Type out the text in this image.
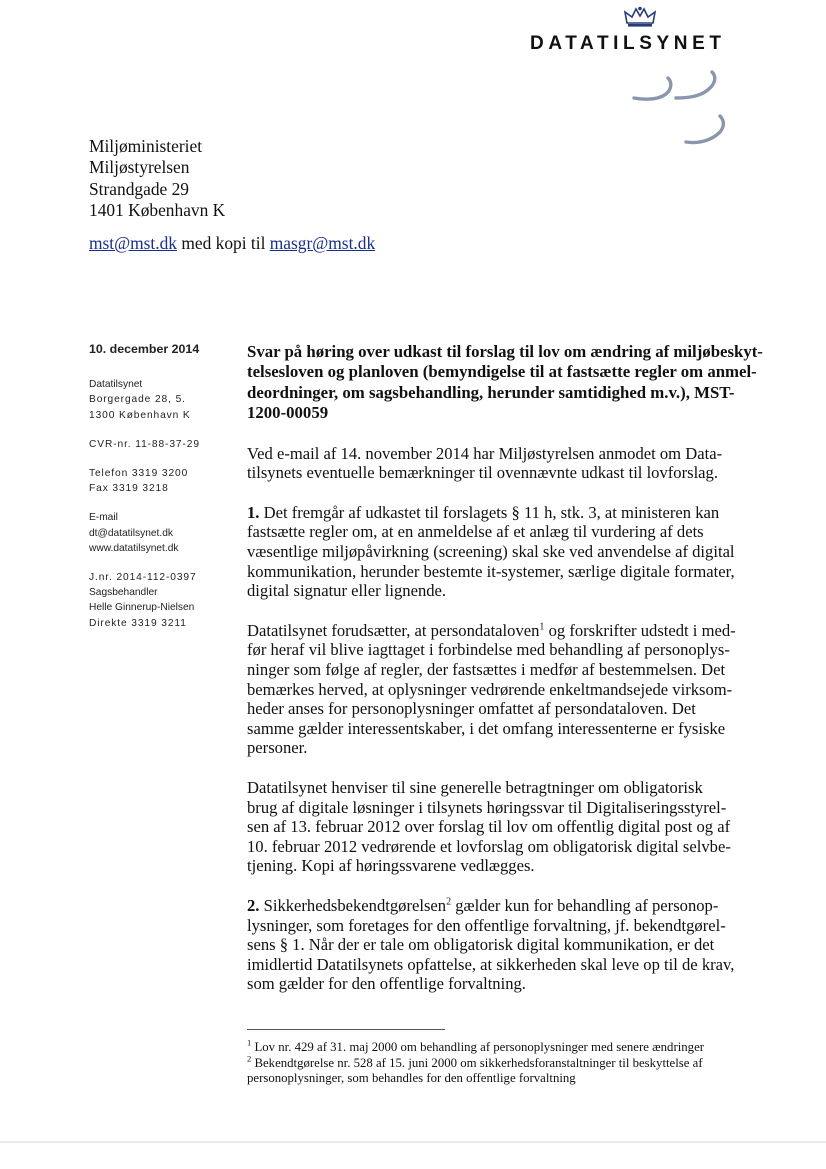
DATATILSYNET
Miljøministeriet
Miljøstyrelsen
Strandgade 29
1401 København K
mst@mst.dk med kopi til masgr@mst.dk
10. december 2014
Datatilsynet
Borgergade 28, 5.
1300 København K
CVR-nr. 11-88-37-29
Telefon 3319 3200
Fax 3319 3218
E-mail
dt@datatilsynet.dk
www.datatilsynet.dk
J.nr. 2014-112-0397
Sagsbehandler
Helle Ginnerup-Nielsen
Direkte 3319 3211
Svar på høring over udkast til forslag til lov om ændring af miljøbeskyt-
telsesloven og planloven (bemyndigelse til at fastsætte regler om anmel-
deordninger, om sagsbehandling, herunder samtidighed m.v.), MST-
1200-00059

Ved e-mail af 14. november 2014 har Miljøstyrelsen anmodet om Data-
tilsynets eventuelle bemærkninger til ovennævnte udkast til lovforslag.

1. Det fremgår af udkastet til forslagets § 11 h, stk. 3, at ministeren kan
fastsætte regler om, at en anmeldelse af et anlæg til vurdering af dets
væsentlige miljøpåvirkning (screening) skal ske ved anvendelse af digital
kommunikation, herunder bestemte it-systemer, særlige digitale formater,
digital signatur eller lignende.

Datatilsynet forudsætter, at persondataloven$^1$ og forskrifter udstedt i med-
før heraf vil blive iagttaget i forbindelse med behandling af personoplys-
ninger som følge af regler, der fastsættes i medfør af bestemmelsen. Det
bemærkes herved, at oplysninger vedrørende enkeltmandsejede virksom-
heder anses for personoplysninger omfattet af persondataloven. Det
samme gælder interessentskaber, i det omfang interessenterne er fysiske
personer.

Datatilsynet henviser til sine generelle betragtninger om obligatorisk
brug af digitale løsninger i tilsynets høringssvar til Digitaliseringsstyrel-
sen af 13. februar 2012 over forslag til lov om offentlig digital post og af
10. februar 2012 vedrørende et lovforslag om obligatorisk digital selvbe-
tjening. Kopi af høringssvarene vedlægges.

2. Sikkerhedsbekendtgørelsen$^2$ gælder kun for behandling af personop-
lysninger, som foretages for den offentlige forvaltning, jf. bekendtgørel-
sens § 1. Når der er tale om obligatorisk digital kommunikation, er det
imidlertid Datatilsynets opfattelse, at sikkerheden skal leve op til de krav,
som gælder for den offentlige forvaltning.

$^1$ Lov nr. 429 af 31. maj 2000 om behandling af personoplysninger med senere ændringer
$^2$ Bekendtgørelse nr. 528 af 15. juni 2000 om sikkerhedsforanstaltninger til beskyttelse af
personoplysninger, som behandles for den offentlige forvaltning
